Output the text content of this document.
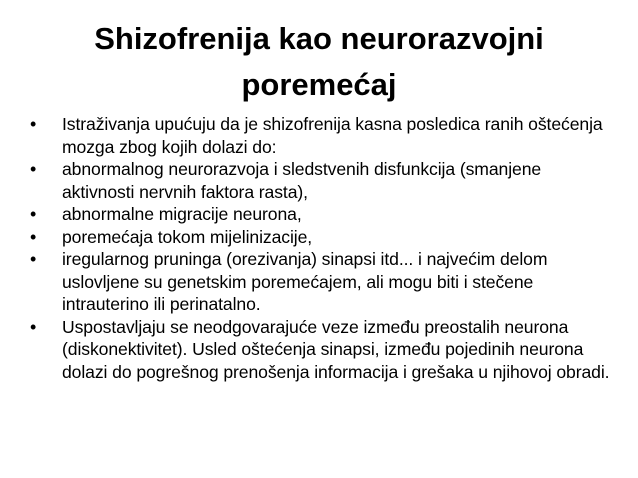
Shizofrenija kao neurorazvojni
poremećaj
• Istraživanja upućuju da je shizofrenija kasna posledica ranih oštećenja mozga zbog kojih dolazi do:
• abnormalnog neurorazvoja i sledstvenih disfunkcija (smanjene aktivnosti nervnih faktora rasta),
• abnormalne migracije neurona,
• poremećaja tokom mijelinizacije,
• iregularnog pruninga (orezivanja) sinapsi itd... i najvećim delom uslovljene su genetskim poremećajem, ali mogu biti i stečene intrauterino ili perinatalno.
• Uspostavljaju se neodgovarajuće veze između preostalih neurona (diskonektivitet). Usled oštećenja sinapsi, između pojedinih neurona dolazi do pogrešnog prenošenja informacija i grešaka u njihovoj obradi.
